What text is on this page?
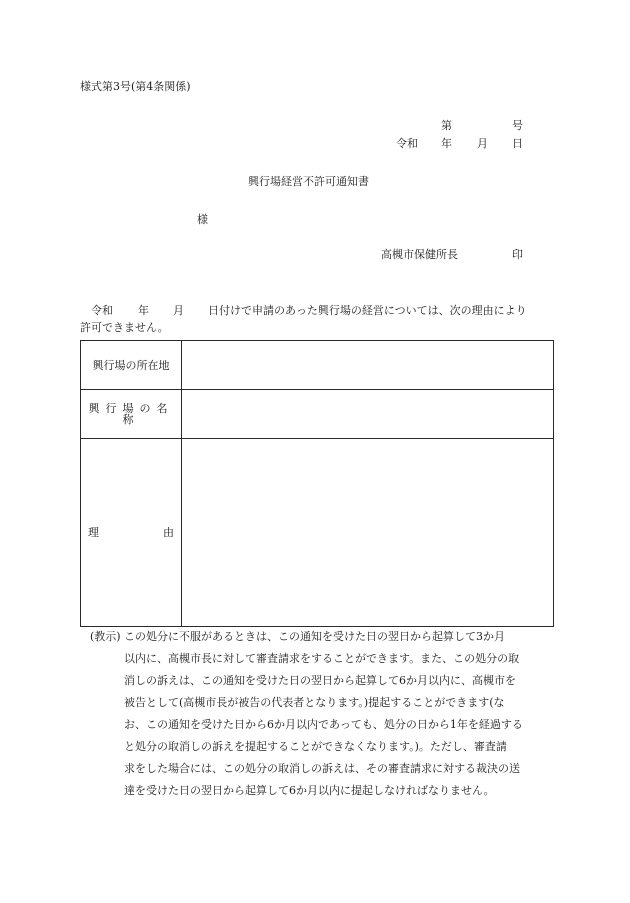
様式第3号(第4条関係)
第	号
令和 年 月 日
興行場経営不許可通知書
様
高槻市保健所長	印
令和 年 月 日付けで申請のあった興行場の経営については、次の理由により
許可できません。
興行場の所在地	
興行場の名称	

理 由	

(教示) この処分に不服があるときは、この通知を受けた日の翌日から起算して3か月
以内に、高槻市長に対して審査請求をすることができます。また、この処分の取
消しの訴えは、この通知を受けた日の翌日から起算して6か月以内に、高槻市を
被告として(高槻市長が被告の代表者となります。)提起することができます(な
お、この通知を受けた日から6か月以内であっても、処分の日から1年を経過する
と処分の取消しの訴えを提起することができなくなります。)。ただし、審査請
求をした場合には、この処分の取消しの訴えは、その審査請求に対する裁決の送
達を受けた日の翌日から起算して6か月以内に提起しなければなりません。
